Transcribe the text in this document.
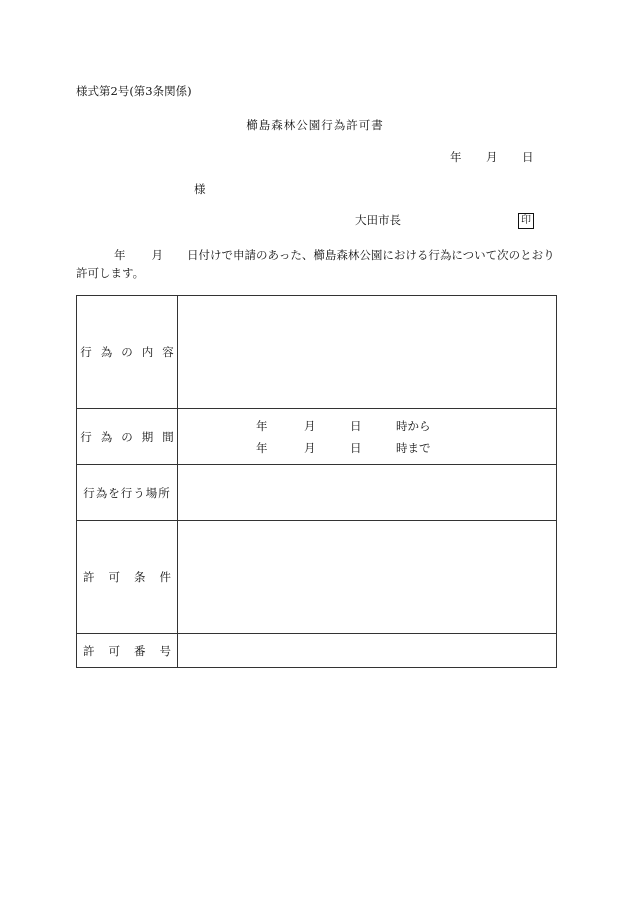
様式第2号(第3条関係)
櫛島森林公園行為許可書
年 月 日
様
大田市長	印
年 月 日付けで申請のあった、櫛島森林公園における行為について次のとおり許可します。
行為の内容	
行為の期間	年 月 日 時から
年 月 日 時まで

行為を行う場所	
許可条件	
許可番号	
